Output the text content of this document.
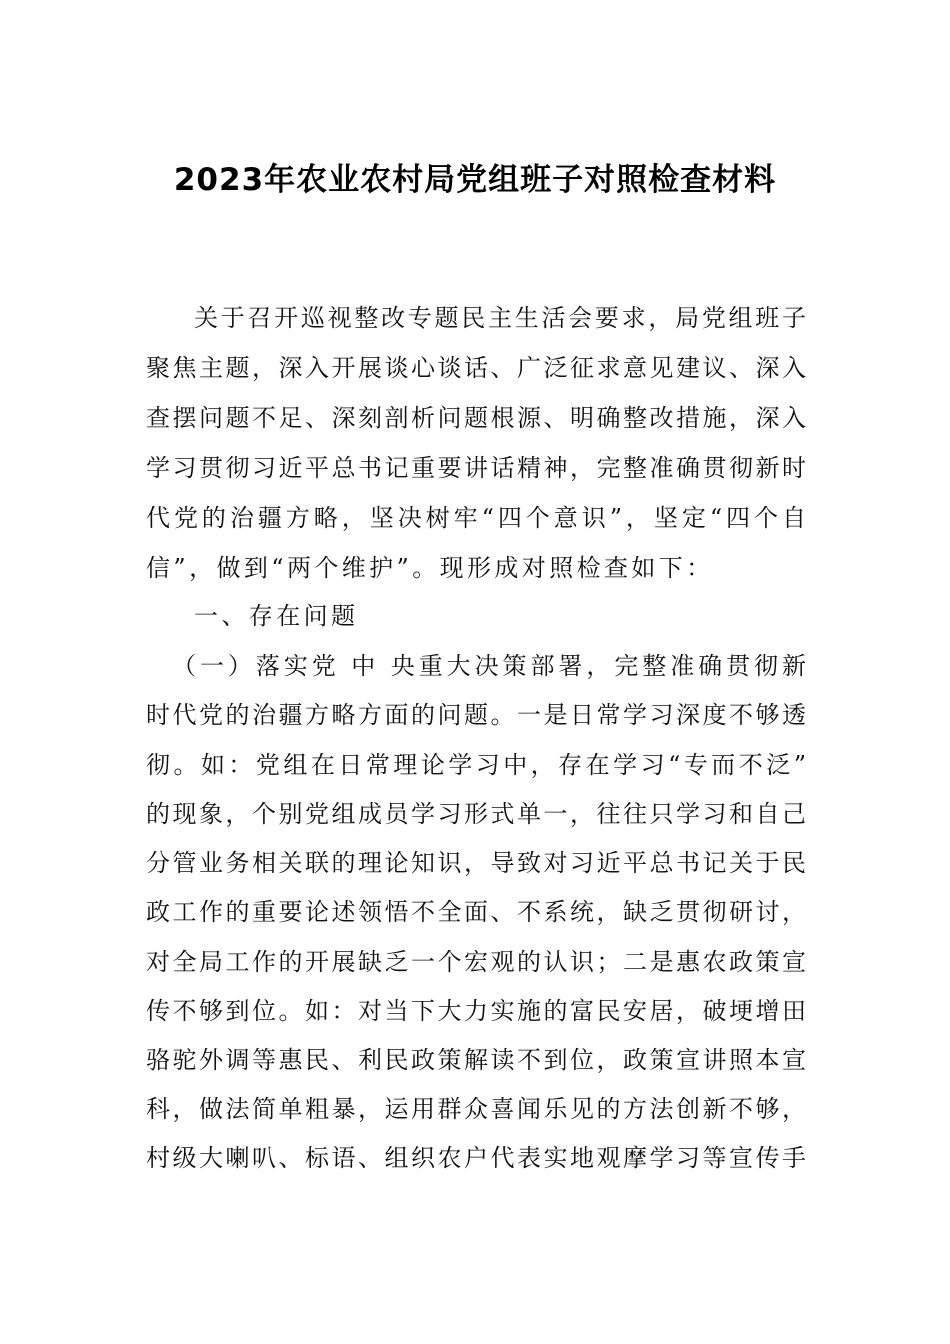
2023年农业农村局党组班子对照检查材料
关于召开巡视整改专题民主生活会要求，局党组班子
聚焦主题，深入开展谈心谈话、广泛征求意见建议、深入
查摆问题不足、深刻剖析问题根源、明确整改措施，深入
学习贯彻习近平总书记重要讲话精神，完整准确贯彻新时
代党的治疆方略，坚决树牢“四个意识”，坚定“四个自
信”，做到“两个维护”。现形成对照检查如下：
一、存在问题
（一）落实党 中 央重大决策部署，完整准确贯彻新
时代党的治疆方略方面的问题。一是日常学习深度不够透
彻。如：党组在日常理论学习中，存在学习“专而不泛”
的现象，个别党组成员学习形式单一，往往只学习和自己
分管业务相关联的理论知识，导致对习近平总书记关于民
政工作的重要论述领悟不全面、不系统，缺乏贯彻研讨，
对全局工作的开展缺乏一个宏观的认识；二是惠农政策宣
传不够到位。如：对当下大力实施的富民安居，破埂增田
骆驼外调等惠民、利民政策解读不到位，政策宣讲照本宣
科，做法简单粗暴，运用群众喜闻乐见的方法创新不够，
村级大喇叭、标语、组织农户代表实地观摩学习等宣传手
